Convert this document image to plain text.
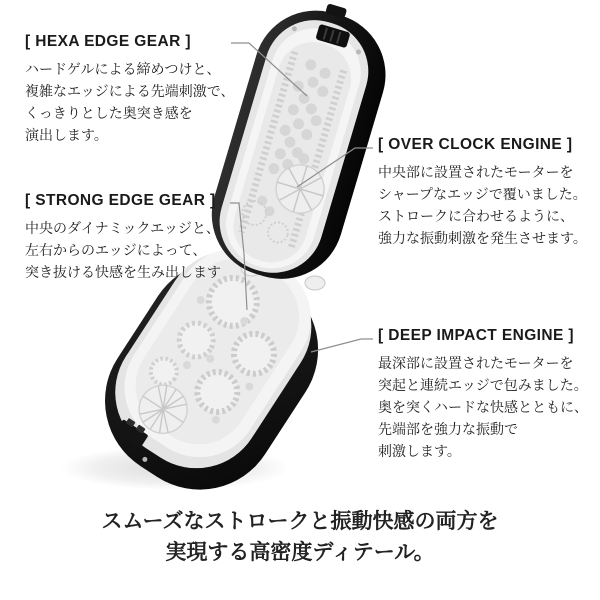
[ HEXA EDGE GEAR ]
ハードゲルによる締めつけと、
複雑なエッジによる先端刺激で、
くっきりとした奥突き感を
演出します。
[ OVER CLOCK ENGINE ]
中央部に設置されたモーターを
シャープなエッジで覆いました。
ストロークに合わせるように、
強力な振動刺激を発生させます。
[ STRONG EDGE GEAR ]
中央のダイナミックエッジと、
左右からのエッジによって、
突き抜ける快感を生み出します
[ DEEP IMPACT ENGINE ]
最深部に設置されたモーターを
突起と連続エッジで包みました。
奥を突くハードな快感とともに、
先端部を強力な振動で
刺激します。
スムーズなストロークと振動快感の両方を
実現する高密度ディテール。
